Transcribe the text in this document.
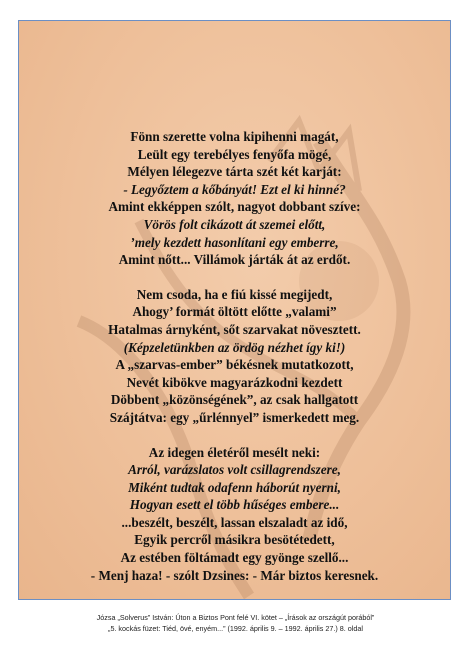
Fönn szerette volna kipihenni magát,
Leült egy terebélyes fenyőfa mögé,
Mélyen lélegezve tárta szét két karját:
- Legyőztem a kőbányát! Ezt el ki hinné?
Amint ekképpen szólt, nagyot dobbant szíve:
Vörös folt cikázott át szemei előtt,
’mely kezdett hasonlítani egy emberre,
Amint nőtt... Villámok járták át az erdőt.
Nem csoda, ha e fiú kissé megijedt,
Ahogy’ formát öltött előtte „valami”
Hatalmas árnyként, sőt szarvakat növesztett.
(Képzeletünkben az ördög nézhet így ki!)
A „szarvas-ember” békésnek mutatkozott,
Nevét kibökve magyarázkodni kezdett
Döbbent „közönségének”, az csak hallgatott
Szájtátva: egy „űrlénnyel” ismerkedett meg.
Az idegen életéről mesélt neki:
Arról, varázslatos volt csillagrendszere,
Miként tudtak odafenn háborút nyerni,
Hogyan esett el több hűséges embere...
...beszélt, beszélt, lassan elszaladt az idő,
Egyik percről másikra besötétedett,
Az estében föltámadt egy gyönge szellő...
- Menj haza! - szólt Dzsines: - Már biztos keresnek.
Józsa „Solverus” István: Úton a Biztos Pont felé VI. kötet – „Írások az országút porából”
„5. kockás füzet: Tiéd, övé, enyém...” (1992. április 9. – 1992. április 27.) 8. oldal
